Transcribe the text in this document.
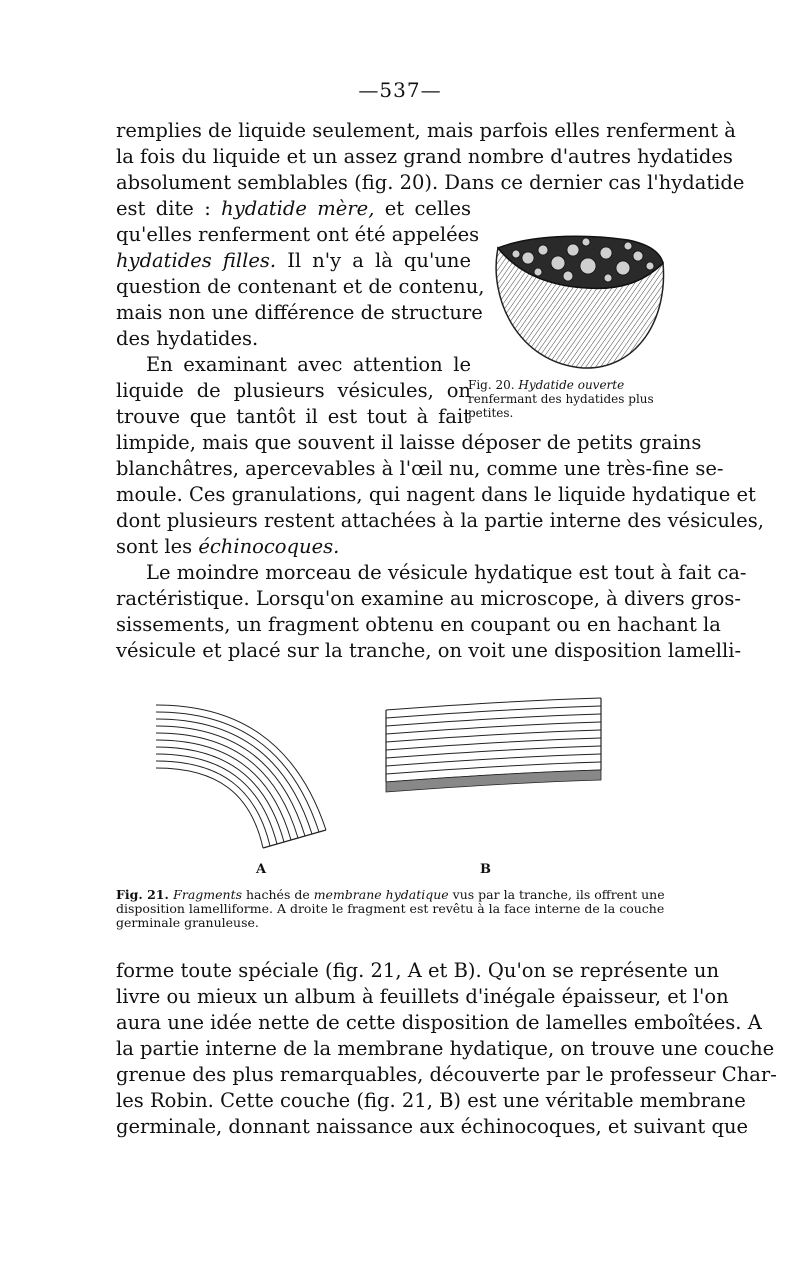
—537—
remplies de liquide seulement, mais parfois elles renferment à
la fois du liquide et un assez grand nombre d'autres hydatides
absolument semblables (fig. 20). Dans ce dernier cas l'hydatide
est dite : hydatide mère, et celles
qu'elles renferment ont été appelées
hydatides filles. Il n'y a là qu'une
question de contenant et de contenu,
mais non une différence de structure
des hydatides.
En examinant avec attention le
liquide de plusieurs vésicules, on
trouve que tantôt il est tout à fait
Fig. 20. Hydatide ouverte renfermant des hydatides plus petites.
limpide, mais que souvent il laisse déposer de petits grains
blanchâtres, apercevables à l'œil nu, comme une très-fine se-
moule. Ces granulations, qui nagent dans le liquide hydatique et
dont plusieurs restent attachées à la partie interne des vésicules,
sont les échinocoques.
Le moindre morceau de vésicule hydatique est tout à fait ca-
ractéristique. Lorsqu'on examine au microscope, à divers gros-
sissements, un fragment obtenu en coupant ou en hachant la
vésicule et placé sur la tranche, on voit une disposition lamelli-
A	B
Fig. 21. Fragments hachés de membrane hydatique vus par la tranche, ils offrent une disposition lamelliforme. A droite le fragment est revêtu à la face interne de la couche germinale granuleuse.
forme toute spéciale (fig. 21, A et B). Qu'on se représente un
livre ou mieux un album à feuillets d'inégale épaisseur, et l'on
aura une idée nette de cette disposition de lamelles emboîtées. A
la partie interne de la membrane hydatique, on trouve une couche
grenue des plus remarquables, découverte par le professeur Char-
les Robin. Cette couche (fig. 21, B) est une véritable membrane
germinale, donnant naissance aux échinocoques, et suivant que
